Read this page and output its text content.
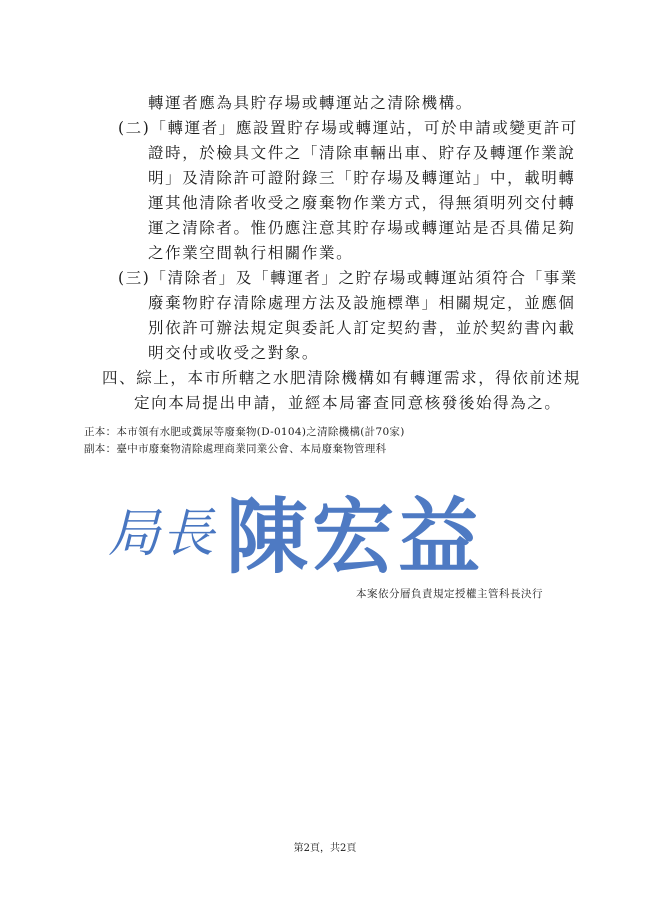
轉運者應為具貯存場或轉運站之清除機構。
(二)「轉運者」應設置貯存場或轉運站，可於申請或變更許可
證時，於檢具文件之「清除車輛出車、貯存及轉運作業說
明」及清除許可證附錄三「貯存場及轉運站」中，載明轉
運其他清除者收受之廢棄物作業方式，得無須明列交付轉
運之清除者。惟仍應注意其貯存場或轉運站是否具備足夠
之作業空間執行相關作業。
(三)「清除者」及「轉運者」之貯存場或轉運站須符合「事業
廢棄物貯存清除處理方法及設施標準」相關規定，並應個
別依許可辦法規定與委託人訂定契約書，並於契約書內載
明交付或收受之對象。
四、綜上，本市所轄之水肥清除機構如有轉運需求，得依前述規
定向本局提出申請，並經本局審查同意核發後始得為之。
正本：本市領有水肥或糞尿等廢棄物(D-0104)之清除機構(計70家)
副本：臺中市廢棄物清除處理商業同業公會、本局廢棄物管理科
局長 陳宏益
本案依分層負責規定授權主管科長決行
第2頁，共2頁
